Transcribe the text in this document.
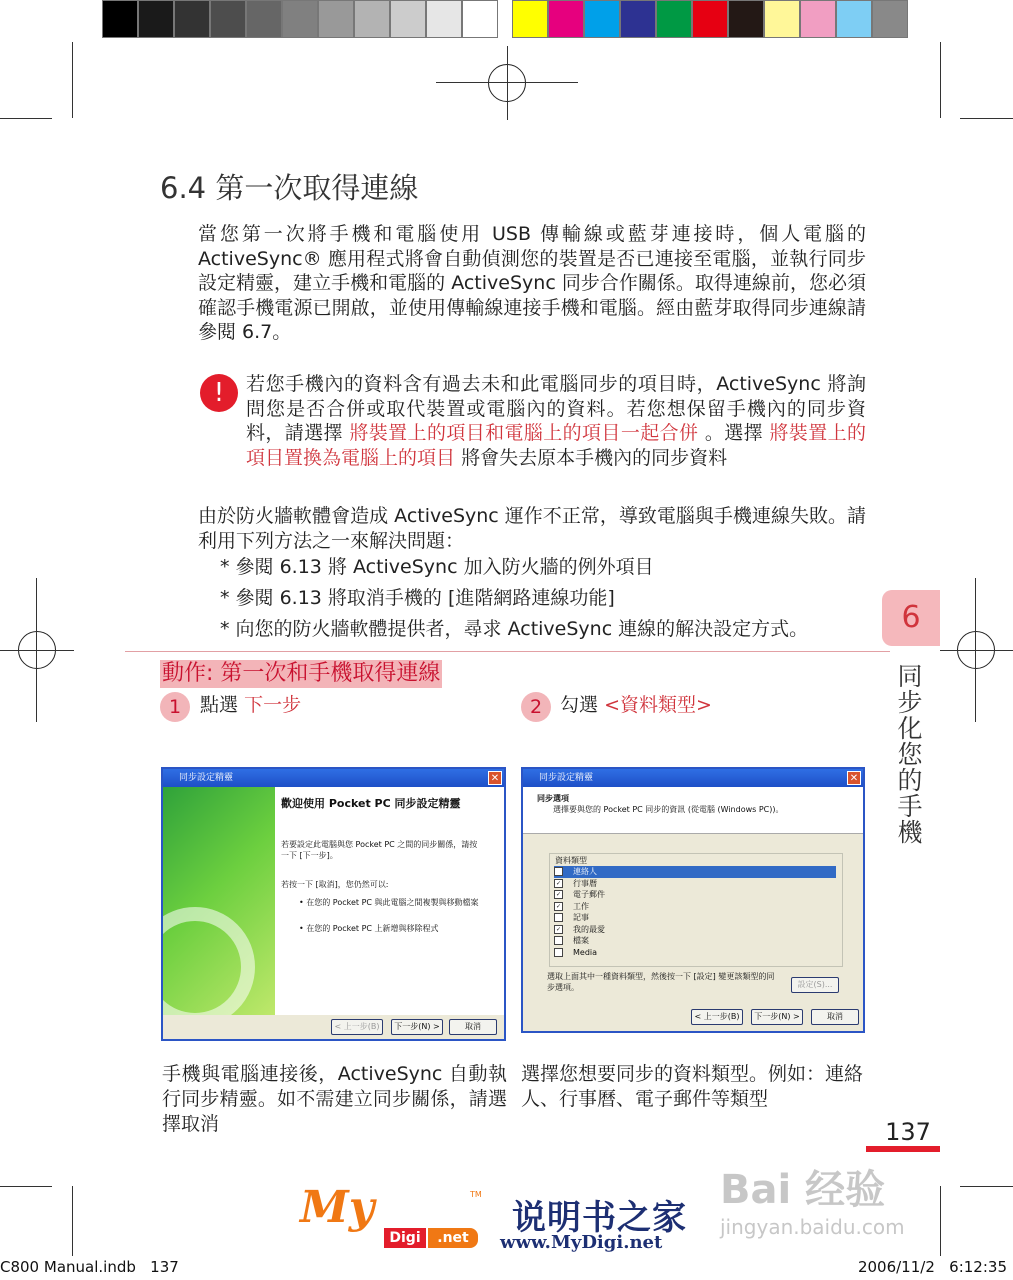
6.4 第一次取得連線
當您第一次將手機和電腦使用 USB 傳輸線或藍芽連接時，個人電腦的 ActiveSync® 應用程式將會自動偵測您的裝置是否已連接至電腦，並執行同步設定精靈，建立手機和電腦的 ActiveSync 同步合作關係。取得連線前，您必須確認手機電源已開啟，並使用傳輸線連接手機和電腦。經由藍芽取得同步連線請參閱 6.7。
!	若您手機內的資料含有過去未和此電腦同步的項目時，ActiveSync 將詢問您是否合併或取代裝置或電腦內的資料。若您想保留手機內的同步資料，請選擇 將裝置上的項目和電腦上的項目一起合併 。選擇 將裝置上的項目置換為電腦上的項目 將會失去原本手機內的同步資料
由於防火牆軟體會造成 ActiveSync 運作不正常，導致電腦與手機連線失敗。請利用下列方法之一來解決問題：
* 參閱 6.13 將 ActiveSync 加入防火牆的例外項目
* 參閱 6.13 將取消手機的 [進階網路連線功能]
* 向您的防火牆軟體提供者，尋求 ActiveSync 連線的解決設定方式。	6
同
步
化
您
的
手
機
動作: 第一次和手機取得連線
1 點選 下一步	2 勾選 <資料類型>
同步設定精靈	✕
歡迎使用 Pocket PC 同步設定精靈
若要設定此電腦與您 Pocket PC 之間的同步關係，請按一下 [下一步]。
若按一下 [取消]，您仍然可以:
• 在您的 Pocket PC 與此電腦之間複製與移動檔案
• 在您的 Pocket PC 上新增與移除程式
< 上一步(B)	下一步(N) >	取消
同步設定精靈	✕
同步選項
選擇要與您的 Pocket PC 同步的資訊 (從電腦 (Windows PC))。
資料類型
✓ 連絡人
✓ 行事曆
✓ 電子郵件
✓ 工作
記事
✓ 我的最愛
檔案
Media
選取上面其中一種資料類型，然後按一下 [設定] 變更該類型的同步選項。	設定(S)...
< 上一步(B)	下一步(N) >	取消
手機與電腦連接後，ActiveSync 自動執行同步精靈。如不需建立同步關係，請選擇取消
選擇您想要同步的資料類型。例如：連絡人、行事曆、電子郵件等類型
137
Bai 经验
jingyan.baidu.com
My	TM
Digi	.net 说明书之家
www.MyDigi.net
C800 Manual.indb   137	2006/11/2   6:12:35
